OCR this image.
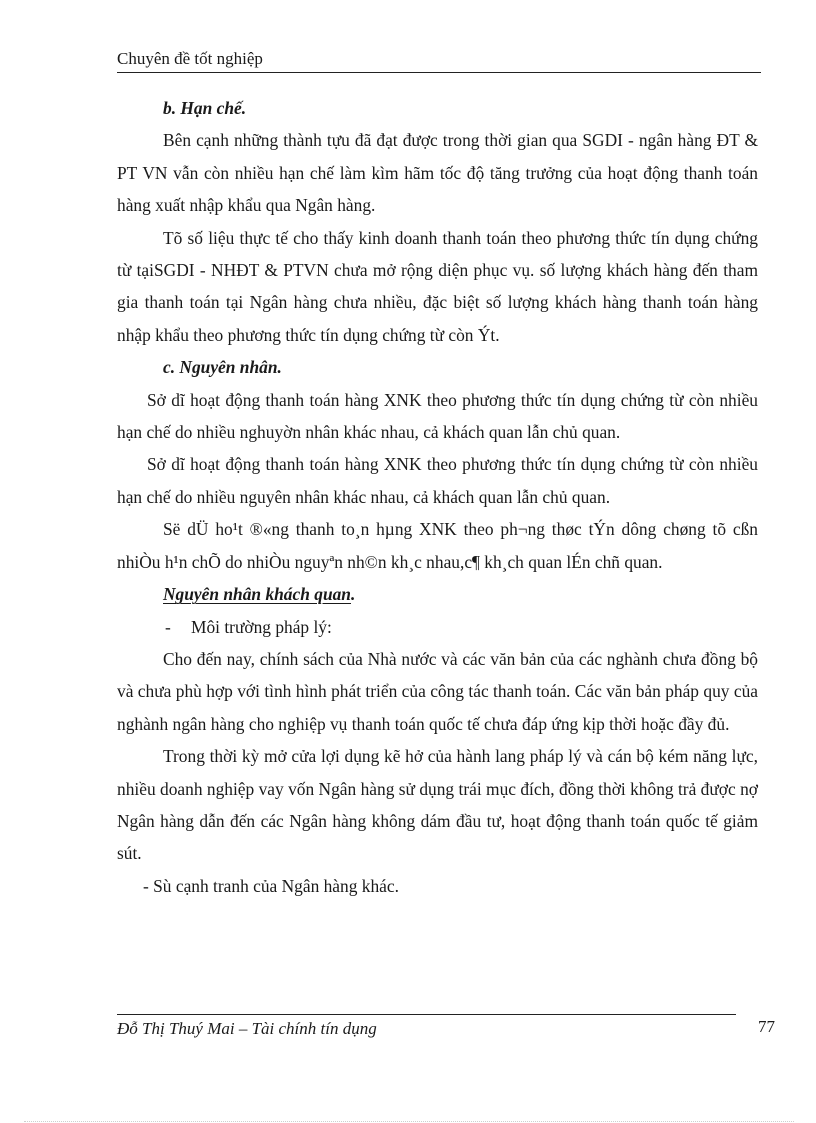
Chuyên đề tốt nghiệp

b. Hạn chế.

Bên cạnh những thành tựu đã đạt được trong thời gian qua SGDI - ngân hàng ĐT & PT VN vẫn còn nhiều hạn chế làm kìm hãm tốc độ tăng trưởng của hoạt động thanh toán hàng xuất nhập khẩu qua Ngân hàng.

Tõ số liệu thực tế cho thấy kinh doanh thanh toán theo phương thức tín dụng chứng từ tạiSGDI - NHĐT & PTVN chưa mở rộng diện phục vụ. số lượng khách hàng đến tham gia thanh toán tại Ngân hàng chưa nhiều, đặc biệt số lượng khách hàng thanh toán hàng nhập khẩu theo phương thức tín dụng chứng từ còn Ýt.

c. Nguyên nhân.

Sở dĩ hoạt động thanh toán hàng XNK theo phương thức tín dụng chứng từ còn nhiều hạn chế do nhiều nghuyờn nhân khác nhau, cả khách quan lẫn chủ quan.

Sở dĩ hoạt động thanh toán hàng XNK theo phương thức tín dụng chứng từ còn nhiều hạn chế do nhiều nguyên nhân khác nhau, cả khách quan lẫn chủ quan.

Së dÜ ho¹t ®«ng thanh to¸n hµng XNK theo ph¬ng thøc tÝn dông chøng tõ cßn nhiÒu h¹n chÕ do nhiÒu nguyªn nh©n kh¸c nhau,c¶ kh¸ch quan lÉn chñ quan.

Nguyên nhân khách quan.

- Môi trường pháp lý:

Cho đến nay, chính sách của Nhà nước và các văn bản của các nghành chưa đồng bộ và chưa phù hợp với tình hình phát triển của công tác thanh toán. Các văn bản pháp quy của nghành ngân hàng cho nghiệp vụ thanh toán quốc tế chưa đáp ứng kịp thời hoặc đầy đủ.

Trong thời kỳ mở cửa lợi dụng kẽ hở của hành lang pháp lý và cán bộ kém năng lực, nhiều doanh nghiệp vay vốn Ngân hàng sử dụng trái mục đích, đồng thời không trả được nợ Ngân hàng dẫn đến các Ngân hàng không dám đầu tư, hoạt động thanh toán quốc tế giảm sút.

- Sù cạnh tranh của Ngân hàng khác.

Đỗ Thị Thuý Mai – Tài chính tín dụng	77
